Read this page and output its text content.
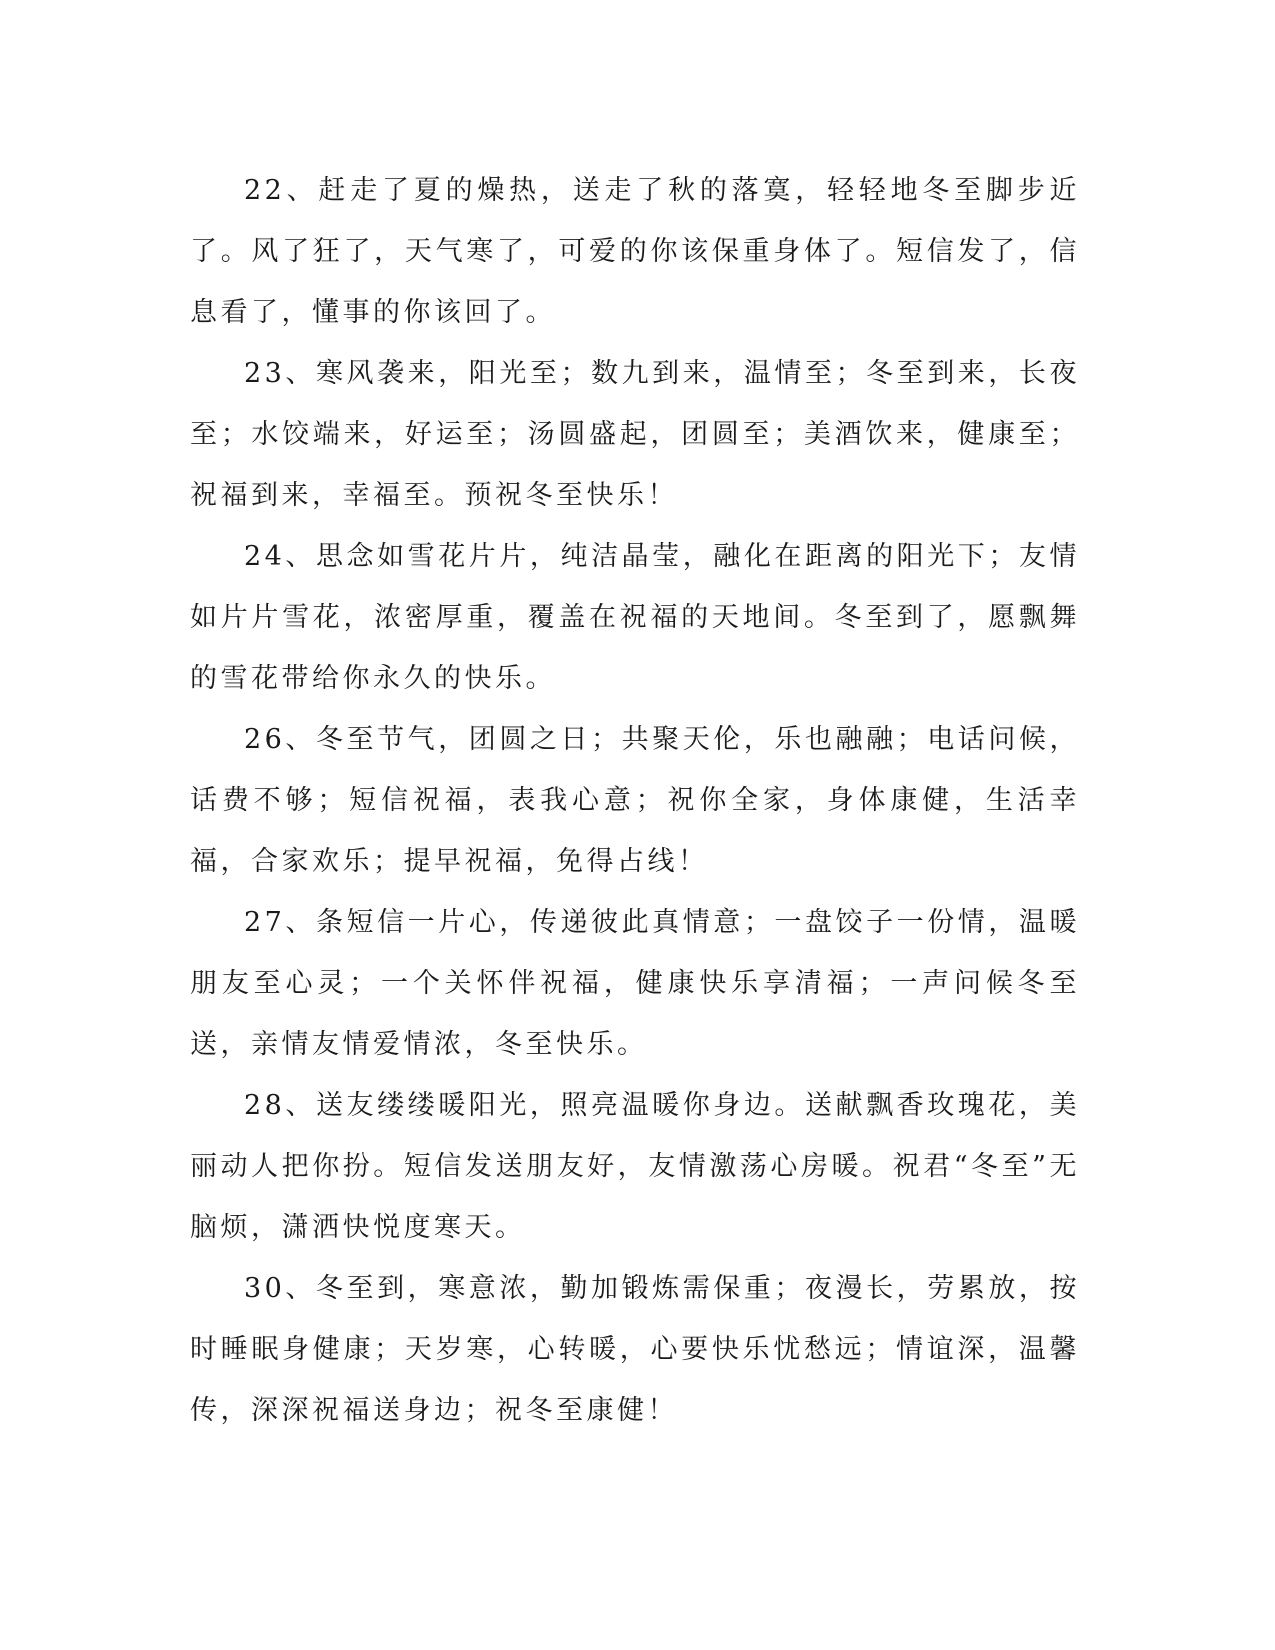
22、赶走了夏的燥热，送走了秋的落寞，轻轻地冬至脚步近了。风了狂了，天气寒了，可爱的你该保重身体了。短信发了，信息看了，懂事的你该回了。

23、寒风袭来，阳光至；数九到来，温情至；冬至到来，长夜至；水饺端来，好运至；汤圆盛起，团圆至；美酒饮来，健康至；祝福到来，幸福至。预祝冬至快乐！

24、思念如雪花片片，纯洁晶莹，融化在距离的阳光下；友情如片片雪花，浓密厚重，覆盖在祝福的天地间。冬至到了，愿飘舞的雪花带给你永久的快乐。

26、冬至节气，团圆之日；共聚天伦，乐也融融；电话问候，话费不够；短信祝福，表我心意；祝你全家，身体康健，生活幸福，合家欢乐；提早祝福，免得占线！

27、条短信一片心，传递彼此真情意；一盘饺子一份情，温暖朋友至心灵；一个关怀伴祝福，健康快乐享清福；一声问候冬至送，亲情友情爱情浓，冬至快乐。

28、送友缕缕暖阳光，照亮温暖你身边。送献飘香玫瑰花，美丽动人把你扮。短信发送朋友好，友情激荡心房暖。祝君“冬至”无脑烦，潇洒快悦度寒天。

30、冬至到，寒意浓，勤加锻炼需保重；夜漫长，劳累放，按时睡眠身健康；天岁寒，心转暖，心要快乐忧愁远；情谊深，温馨传，深深祝福送身边；祝冬至康健！
